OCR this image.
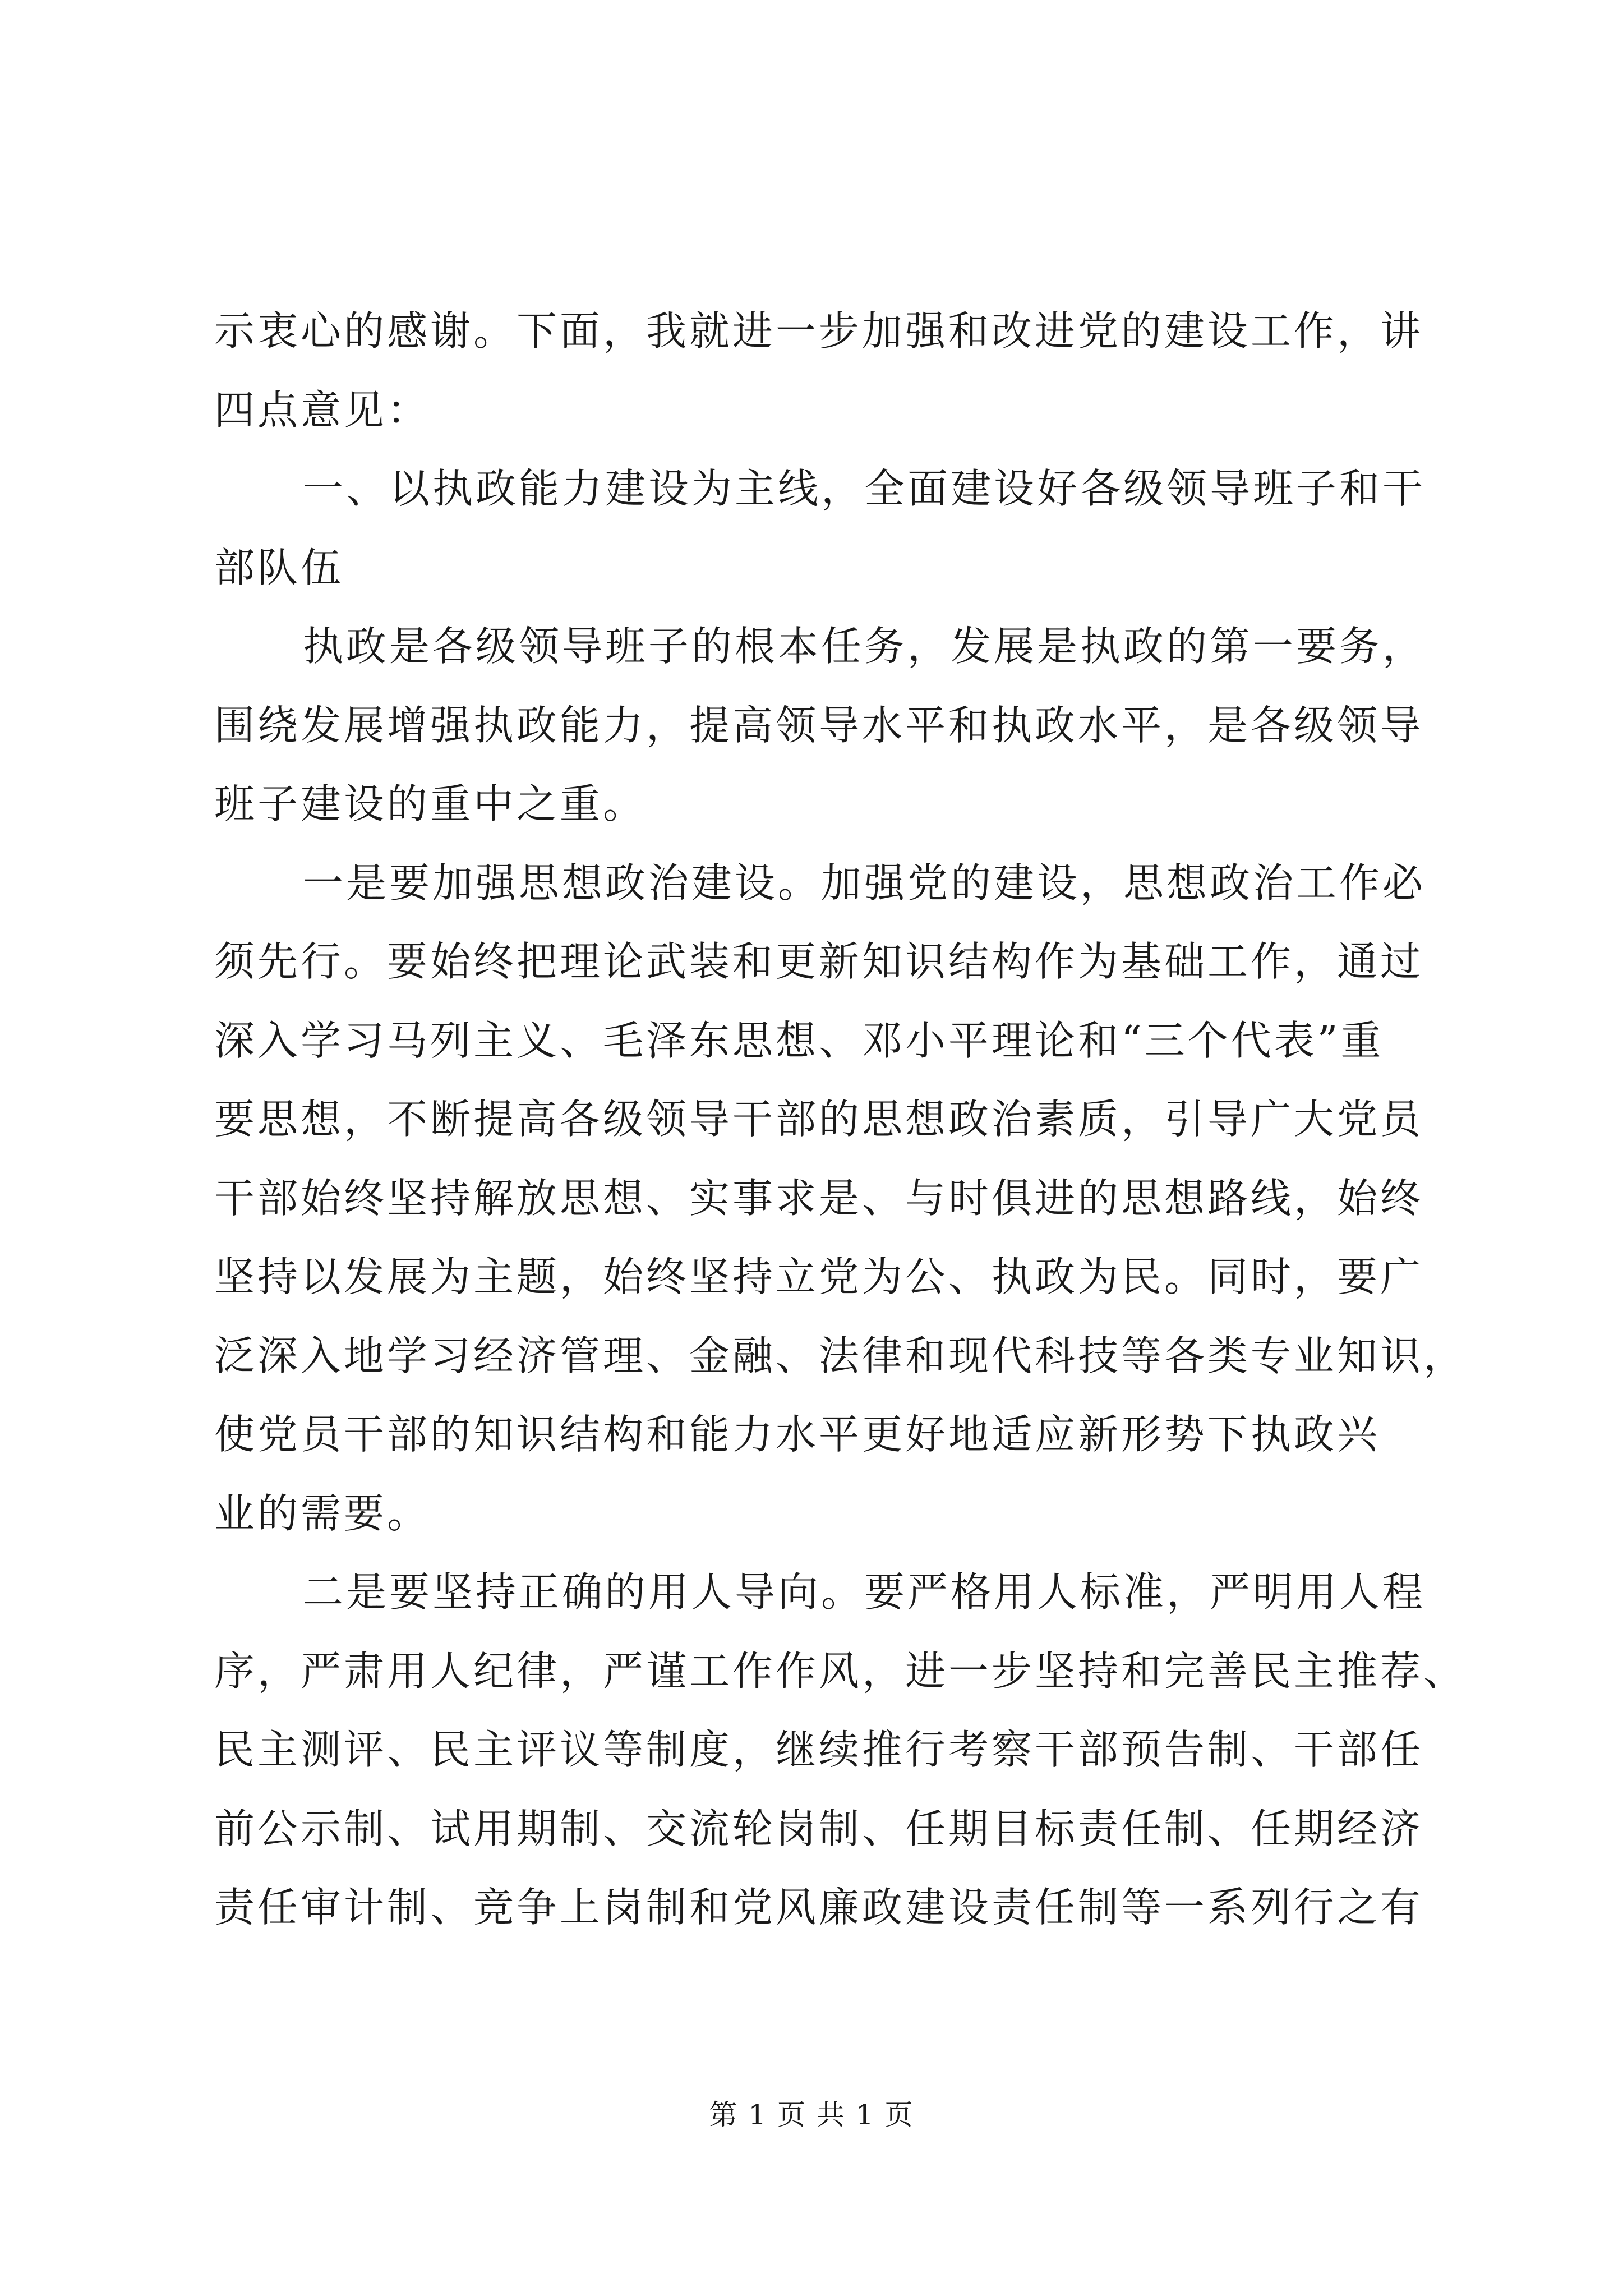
示衷心的感谢。下面，我就进一步加强和改进党的建设工作，讲
四点意见：

一、以执政能力建设为主线，全面建设好各级领导班子和干
部队伍

执政是各级领导班子的根本任务，发展是执政的第一要务，
围绕发展增强执政能力，提高领导水平和执政水平，是各级领导
班子建设的重中之重。

一是要加强思想政治建设。加强党的建设，思想政治工作必
须先行。要始终把理论武装和更新知识结构作为基础工作，通过
深入学习马列主义、毛泽东思想、邓小平理论和“三个代表”重
要思想，不断提高各级领导干部的思想政治素质，引导广大党员
干部始终坚持解放思想、实事求是、与时俱进的思想路线，始终
坚持以发展为主题，始终坚持立党为公、执政为民。同时，要广
泛深入地学习经济管理、金融、法律和现代科技等各类专业知识，
使党员干部的知识结构和能力水平更好地适应新形势下执政兴
业的需要。

二是要坚持正确的用人导向。要严格用人标准，严明用人程
序，严肃用人纪律，严谨工作作风，进一步坚持和完善民主推荐、
民主测评、民主评议等制度，继续推行考察干部预告制、干部任
前公示制、试用期制、交流轮岗制、任期目标责任制、任期经济
责任审计制、竞争上岗制和党风廉政建设责任制等一系列行之有

第 1 页 共 1 页
